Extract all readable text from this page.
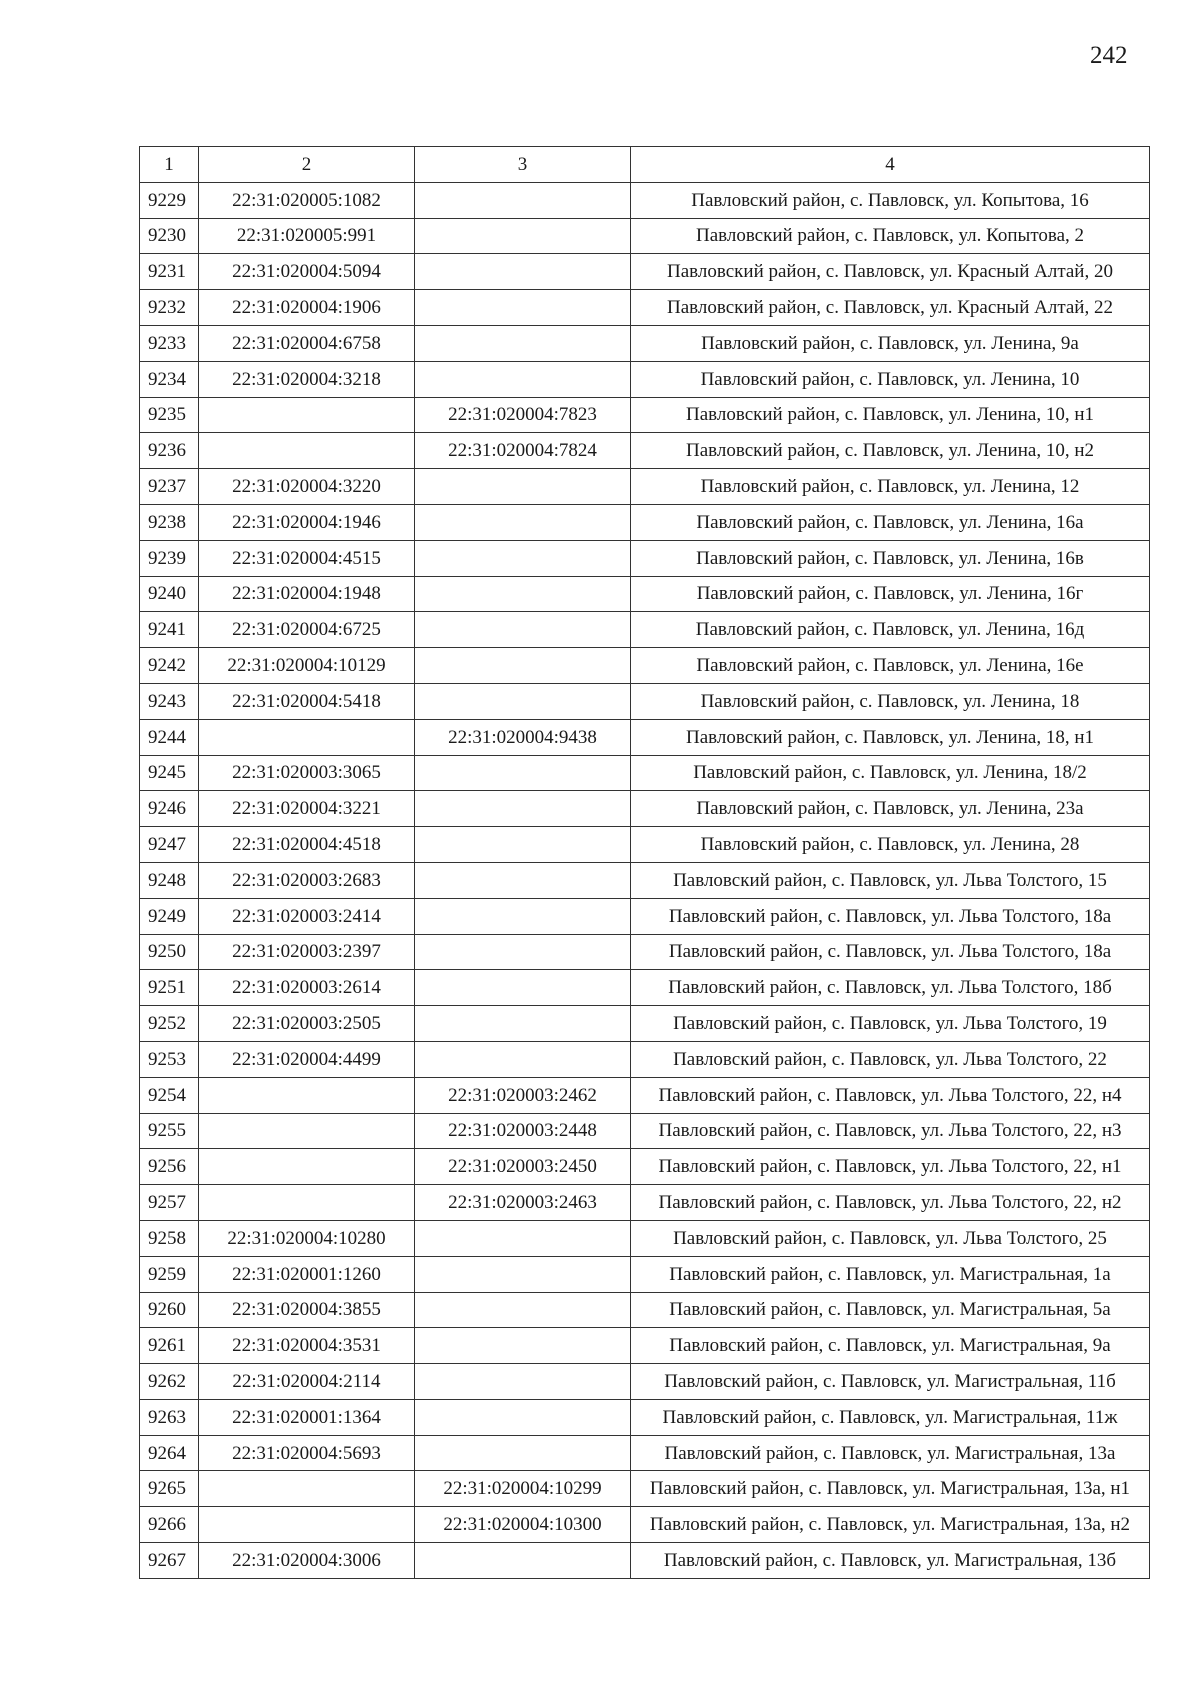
242
1	2	3	4
9229	22:31:020005:1082		Павловский район, с. Павловск, ул. Копытова, 16
9230	22:31:020005:991		Павловский район, с. Павловск, ул. Копытова, 2
9231	22:31:020004:5094		Павловский район, с. Павловск, ул. Красный Алтай, 20
9232	22:31:020004:1906		Павловский район, с. Павловск, ул. Красный Алтай, 22
9233	22:31:020004:6758		Павловский район, с. Павловск, ул. Ленина, 9а
9234	22:31:020004:3218		Павловский район, с. Павловск, ул. Ленина, 10
9235		22:31:020004:7823	Павловский район, с. Павловск, ул. Ленина, 10, н1
9236		22:31:020004:7824	Павловский район, с. Павловск, ул. Ленина, 10, н2
9237	22:31:020004:3220		Павловский район, с. Павловск, ул. Ленина, 12
9238	22:31:020004:1946		Павловский район, с. Павловск, ул. Ленина, 16а
9239	22:31:020004:4515		Павловский район, с. Павловск, ул. Ленина, 16в
9240	22:31:020004:1948		Павловский район, с. Павловск, ул. Ленина, 16г
9241	22:31:020004:6725		Павловский район, с. Павловск, ул. Ленина, 16д
9242	22:31:020004:10129		Павловский район, с. Павловск, ул. Ленина, 16е
9243	22:31:020004:5418		Павловский район, с. Павловск, ул. Ленина, 18
9244		22:31:020004:9438	Павловский район, с. Павловск, ул. Ленина, 18, н1
9245	22:31:020003:3065		Павловский район, с. Павловск, ул. Ленина, 18/2
9246	22:31:020004:3221		Павловский район, с. Павловск, ул. Ленина, 23а
9247	22:31:020004:4518		Павловский район, с. Павловск, ул. Ленина, 28
9248	22:31:020003:2683		Павловский район, с. Павловск, ул. Льва Толстого, 15
9249	22:31:020003:2414		Павловский район, с. Павловск, ул. Льва Толстого, 18а
9250	22:31:020003:2397		Павловский район, с. Павловск, ул. Льва Толстого, 18а
9251	22:31:020003:2614		Павловский район, с. Павловск, ул. Льва Толстого, 18б
9252	22:31:020003:2505		Павловский район, с. Павловск, ул. Льва Толстого, 19
9253	22:31:020004:4499		Павловский район, с. Павловск, ул. Льва Толстого, 22
9254		22:31:020003:2462	Павловский район, с. Павловск, ул. Льва Толстого, 22, н4
9255		22:31:020003:2448	Павловский район, с. Павловск, ул. Льва Толстого, 22, н3
9256		22:31:020003:2450	Павловский район, с. Павловск, ул. Льва Толстого, 22, н1
9257		22:31:020003:2463	Павловский район, с. Павловск, ул. Льва Толстого, 22, н2
9258	22:31:020004:10280		Павловский район, с. Павловск, ул. Льва Толстого, 25
9259	22:31:020001:1260		Павловский район, с. Павловск, ул. Магистральная, 1а
9260	22:31:020004:3855		Павловский район, с. Павловск, ул. Магистральная, 5а
9261	22:31:020004:3531		Павловский район, с. Павловск, ул. Магистральная, 9а
9262	22:31:020004:2114		Павловский район, с. Павловск, ул. Магистральная, 11б
9263	22:31:020001:1364		Павловский район, с. Павловск, ул. Магистральная, 11ж
9264	22:31:020004:5693		Павловский район, с. Павловск, ул. Магистральная, 13а
9265		22:31:020004:10299	Павловский район, с. Павловск, ул. Магистральная, 13а, н1
9266		22:31:020004:10300	Павловский район, с. Павловск, ул. Магистральная, 13а, н2
9267	22:31:020004:3006		Павловский район, с. Павловск, ул. Магистральная, 13б
